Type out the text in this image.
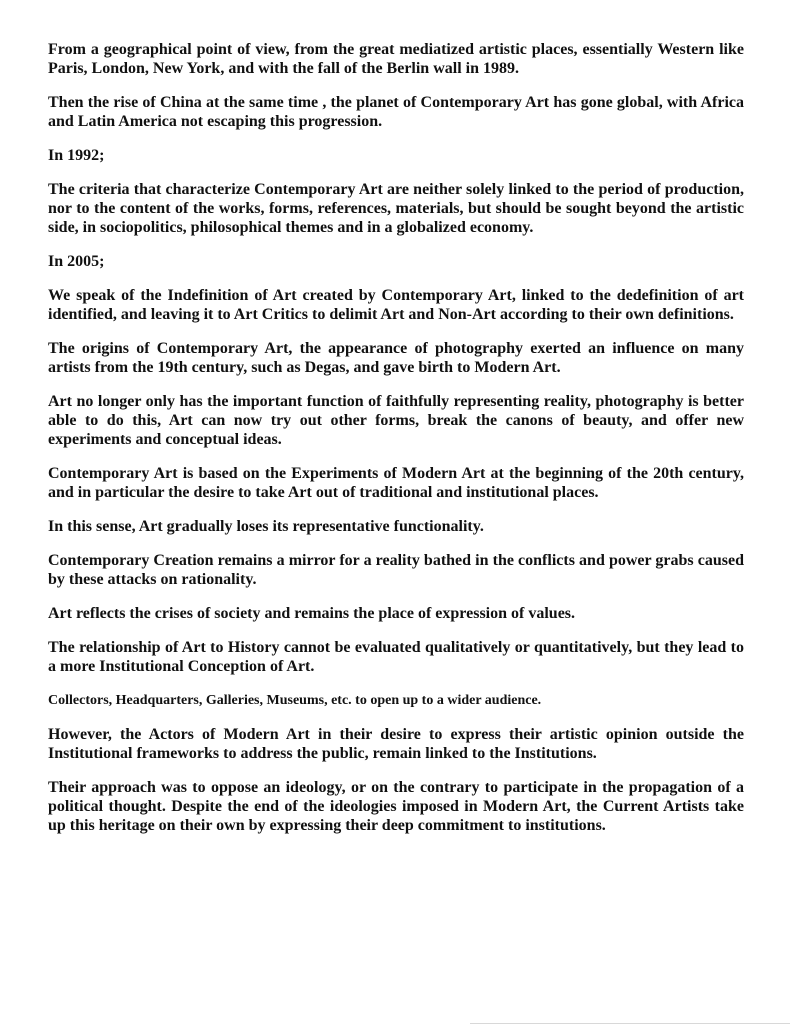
From a geographical point of view, from the great mediatized artistic places, essentially Western like Paris, London, New York, and with the fall of the Berlin wall in 1989.

Then the rise of China at the same time , the planet of Contemporary Art has gone global, with Africa and Latin America not escaping this progression.

In 1992;

The criteria that characterize Contemporary Art are neither solely linked to the period of production, nor to the content of the works, forms, references, materials, but should be sought beyond the artistic side, in sociopolitics, philosophical themes and in a globalized economy.

In 2005;

We speak of the Indefinition of Art created by Contemporary Art, linked to the dedefinition of art identified, and leaving it to Art Critics to delimit Art and Non-Art according to their own definitions.

The origins of Contemporary Art, the appearance of photography exerted an influence on many artists from the 19th century, such as Degas, and gave birth to Modern Art.

Art no longer only has the important function of faithfully representing reality, photography is better able to do this, Art can now try out other forms, break the canons of beauty, and offer new experiments and conceptual ideas.

Contemporary Art is based on the Experiments of Modern Art at the beginning of the 20th century, and in particular the desire to take Art out of traditional and institutional places.

In this sense, Art gradually loses its representative functionality.

Contemporary Creation remains a mirror for a reality bathed in the conflicts and power grabs caused by these attacks on rationality.

Art reflects the crises of society and remains the place of expression of values.

The relationship of Art to History cannot be evaluated qualitatively or quantitatively, but they lead to a more Institutional Conception of Art.

Collectors, Headquarters, Galleries, Museums, etc. to open up to a wider audience.

However, the Actors of Modern Art in their desire to express their artistic opinion outside the Institutional frameworks to address the public, remain linked to the Institutions.

Their approach was to oppose an ideology, or on the contrary to participate in the propagation of a political thought. Despite the end of the ideologies imposed in Modern Art, the Current Artists take up this heritage on their own by expressing their deep commitment to institutions.
